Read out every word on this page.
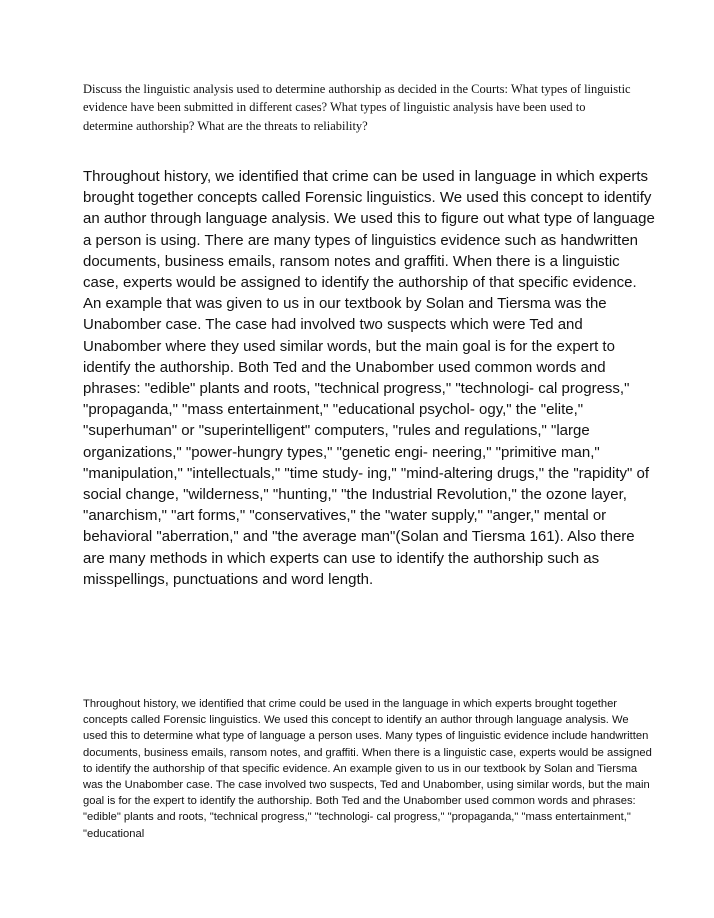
Discuss the linguistic analysis used to determine authorship as decided in the Courts: What types of linguistic evidence have been submitted in different cases? What types of linguistic analysis have been used to determine authorship? What are the threats to reliability?

Throughout history, we identified that crime can be used in language in which experts brought together concepts called Forensic linguistics. We used this concept to identify an author through language analysis. We used this to figure out what type of language a person is using. There are many types of linguistics evidence such as handwritten documents, business emails, ransom notes and graffiti. When there is a linguistic case, experts would be assigned to identify the authorship of that specific evidence. An example that was given to us in our textbook by Solan and Tiersma was the Unabomber case. The case had involved two suspects which were Ted and Unabomber where they used similar words, but the main goal is for the expert to identify the authorship. Both Ted and the Unabomber used common words and phrases: "edible" plants and roots, "technical progress," "technologi- cal progress," "propaganda," "mass entertainment," "educational psychol- ogy," the "elite," "superhuman" or "superintelligent" computers, "rules and regulations," "large organizations," "power-hungry types," "genetic engi- neering," "primitive man," "manipulation," "intellectuals," "time study- ing," "mind-altering drugs," the "rapidity" of social change, "wilderness," "hunting," "the Industrial Revolution," the ozone layer, "anarchism," "art forms," "conservatives," the "water supply," "anger," mental or behavioral "aberration," and "the average man"(Solan and Tiersma 161). Also there are many methods in which experts can use to identify the authorship such as misspellings, punctuations and word length.

Throughout history, we identified that crime could be used in the language in which experts brought together concepts called Forensic linguistics. We used this concept to identify an author through language analysis. We used this to determine what type of language a person uses. Many types of linguistic evidence include handwritten documents, business emails, ransom notes, and graffiti. When there is a linguistic case, experts would be assigned to identify the authorship of that specific evidence. An example given to us in our textbook by Solan and Tiersma was the Unabomber case. The case involved two suspects, Ted and Unabomber, using similar words, but the main goal is for the expert to identify the authorship. Both Ted and the Unabomber used common words and phrases: "edible" plants and roots, "technical progress," "technologi- cal progress," "propaganda," "mass entertainment," "educational
